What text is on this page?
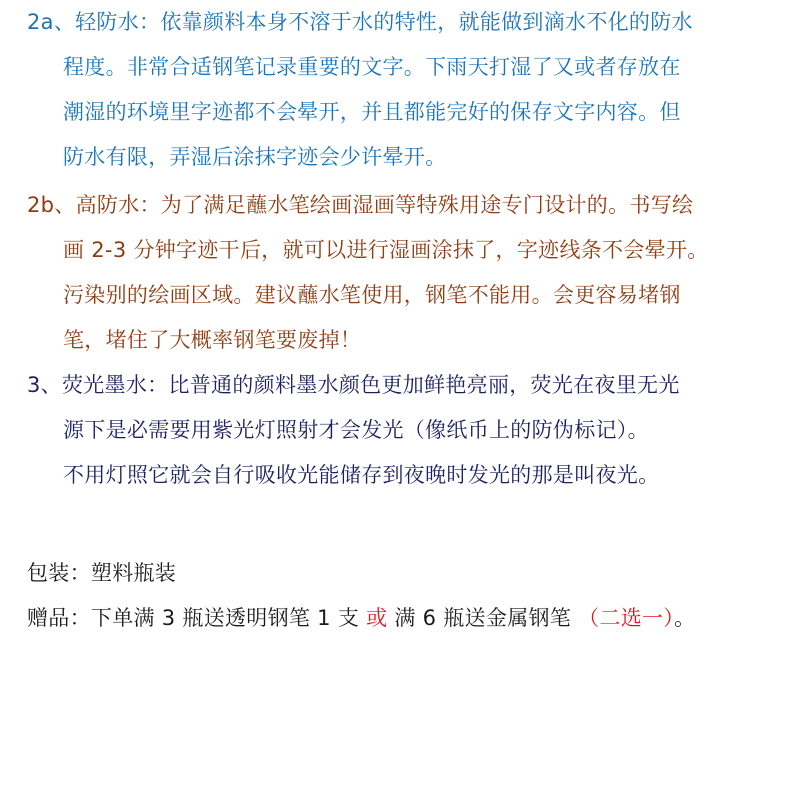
2a、轻防水：依靠颜料本身不溶于水的特性，就能做到滴水不化的防水
程度。非常合适钢笔记录重要的文字。下雨天打湿了又或者存放在
潮湿的环境里字迹都不会晕开，并且都能完好的保存文字内容。但
防水有限，弄湿后涂抹字迹会少许晕开。
2b、高防水：为了满足蘸水笔绘画湿画等特殊用途专门设计的。书写绘
画 2-3 分钟字迹干后，就可以进行湿画涂抹了，字迹线条不会晕开。
污染别的绘画区域。建议蘸水笔使用，钢笔不能用。会更容易堵钢
笔，堵住了大概率钢笔要废掉！
3、荧光墨水：比普通的颜料墨水颜色更加鲜艳亮丽，荧光在夜里无光
源下是必需要用紫光灯照射才会发光（像纸币上的防伪标记）。
不用灯照它就会自行吸收光能储存到夜晚时发光的那是叫夜光。
包装：塑料瓶装
赠品：下单满 3 瓶送透明钢笔 1 支 或 满 6 瓶送金属钢笔 （二选一）。
